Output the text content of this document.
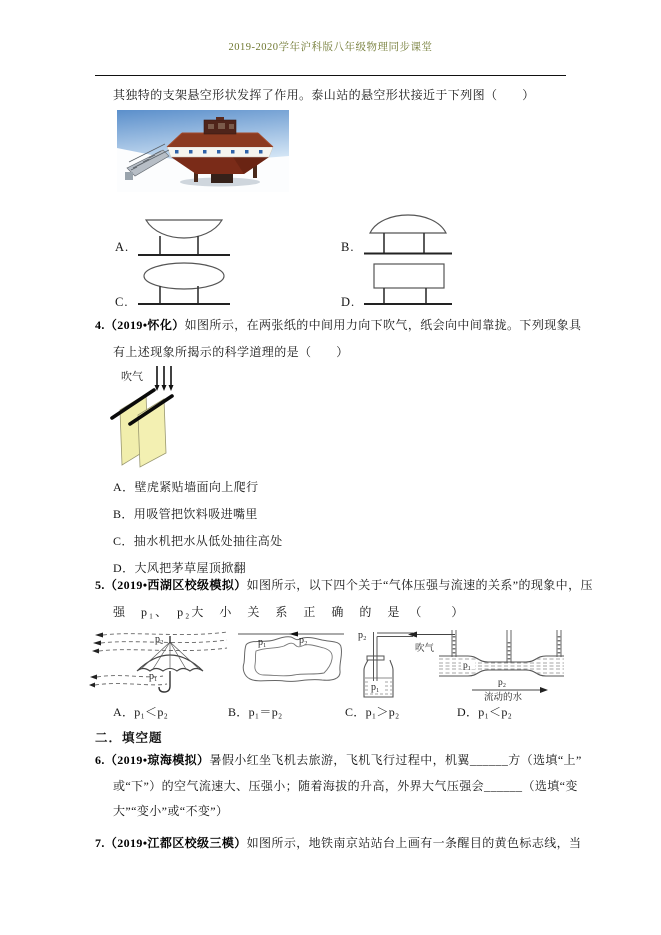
2019-2020学年沪科版八年级物理同步课堂
其独特的支架悬空形状发挥了作用。泰山站的悬空形状接近于下列图（　　）
A.	B.
C.	D.
4.（2019•怀化）如图所示，在两张纸的中间用力向下吹气，纸会向中间靠拢。下列现象具
有上述现象所揭示的科学道理的是（　　）
吹气
A．壁虎紧贴墙面向上爬行
B．用吸管把饮料吸进嘴里
C．抽水机把水从低处抽往高处
D．大风把茅草屋顶掀翻
5.（2019•西湖区校级模拟）如图所示，以下四个关于“气体压强与流速的关系”的现象中，压
强　p₁、　p₂大　小　关　系　正　确　的　是　（　　）
p₂
p₁
p₁	p₂	p₂
吹气
p₁
p₁
p₂
流动的水
A．p₁＜p₂	B．p₁＝p₂	C．p₁＞p₂	D．p₁＜p₂
二．填空题
6.（2019•琼海模拟）暑假小红坐飞机去旅游，飞机飞行过程中，机翼______方（选填“上”
或“下”）的空气流速大、压强小；随着海拔的升高，外界大气压强会______（选填“变
大”“变小”或“不变”）
7.（2019•江都区校级三模）如图所示，地铁南京站站台上画有一条醒目的黄色标志线，当
